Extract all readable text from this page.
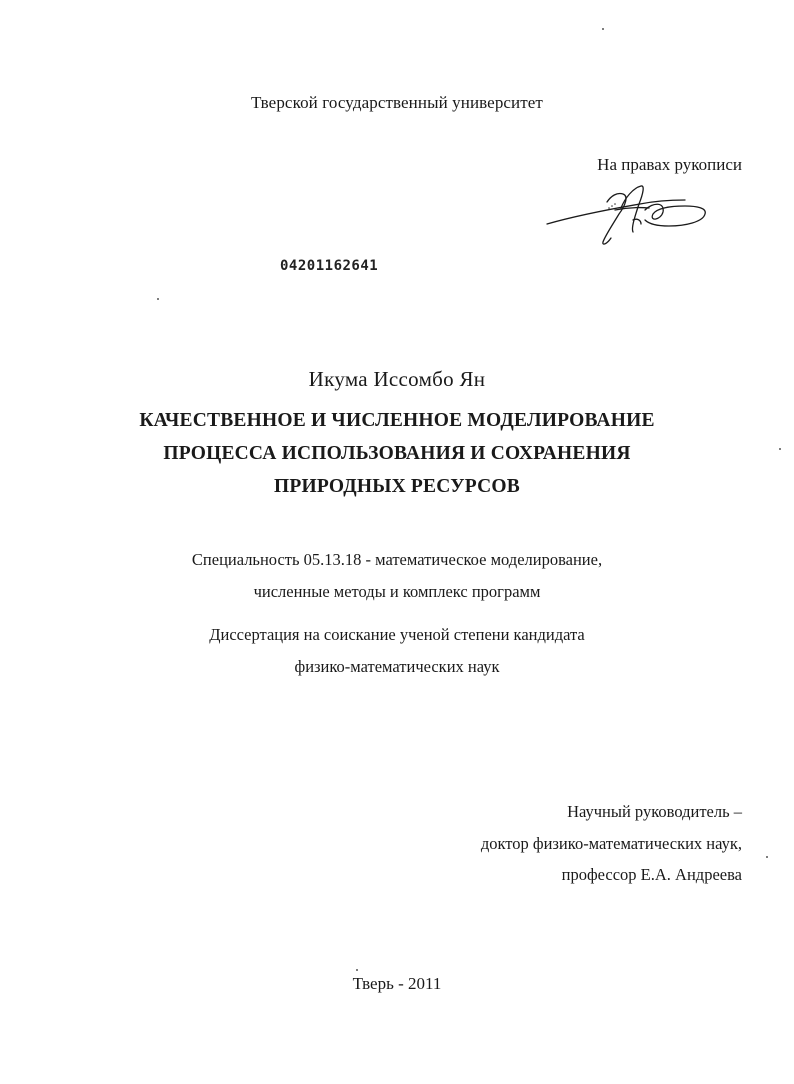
Тверской государственный университет
На правах рукописи
04201162641
Икума Иссомбо Ян
КАЧЕСТВЕННОЕ И ЧИСЛЕННОЕ МОДЕЛИРОВАНИЕ
ПРОЦЕССА ИСПОЛЬЗОВАНИЯ И СОХРАНЕНИЯ
ПРИРОДНЫХ РЕСУРСОВ
Специальность 05.13.18 - математическое моделирование,
численные методы и комплекс программ
Диссертация на соискание ученой степени кандидата
физико-математических наук
Научный руководитель –
доктор физико-математических наук,
профессор Е.А. Андреева
Тверь - 2011
